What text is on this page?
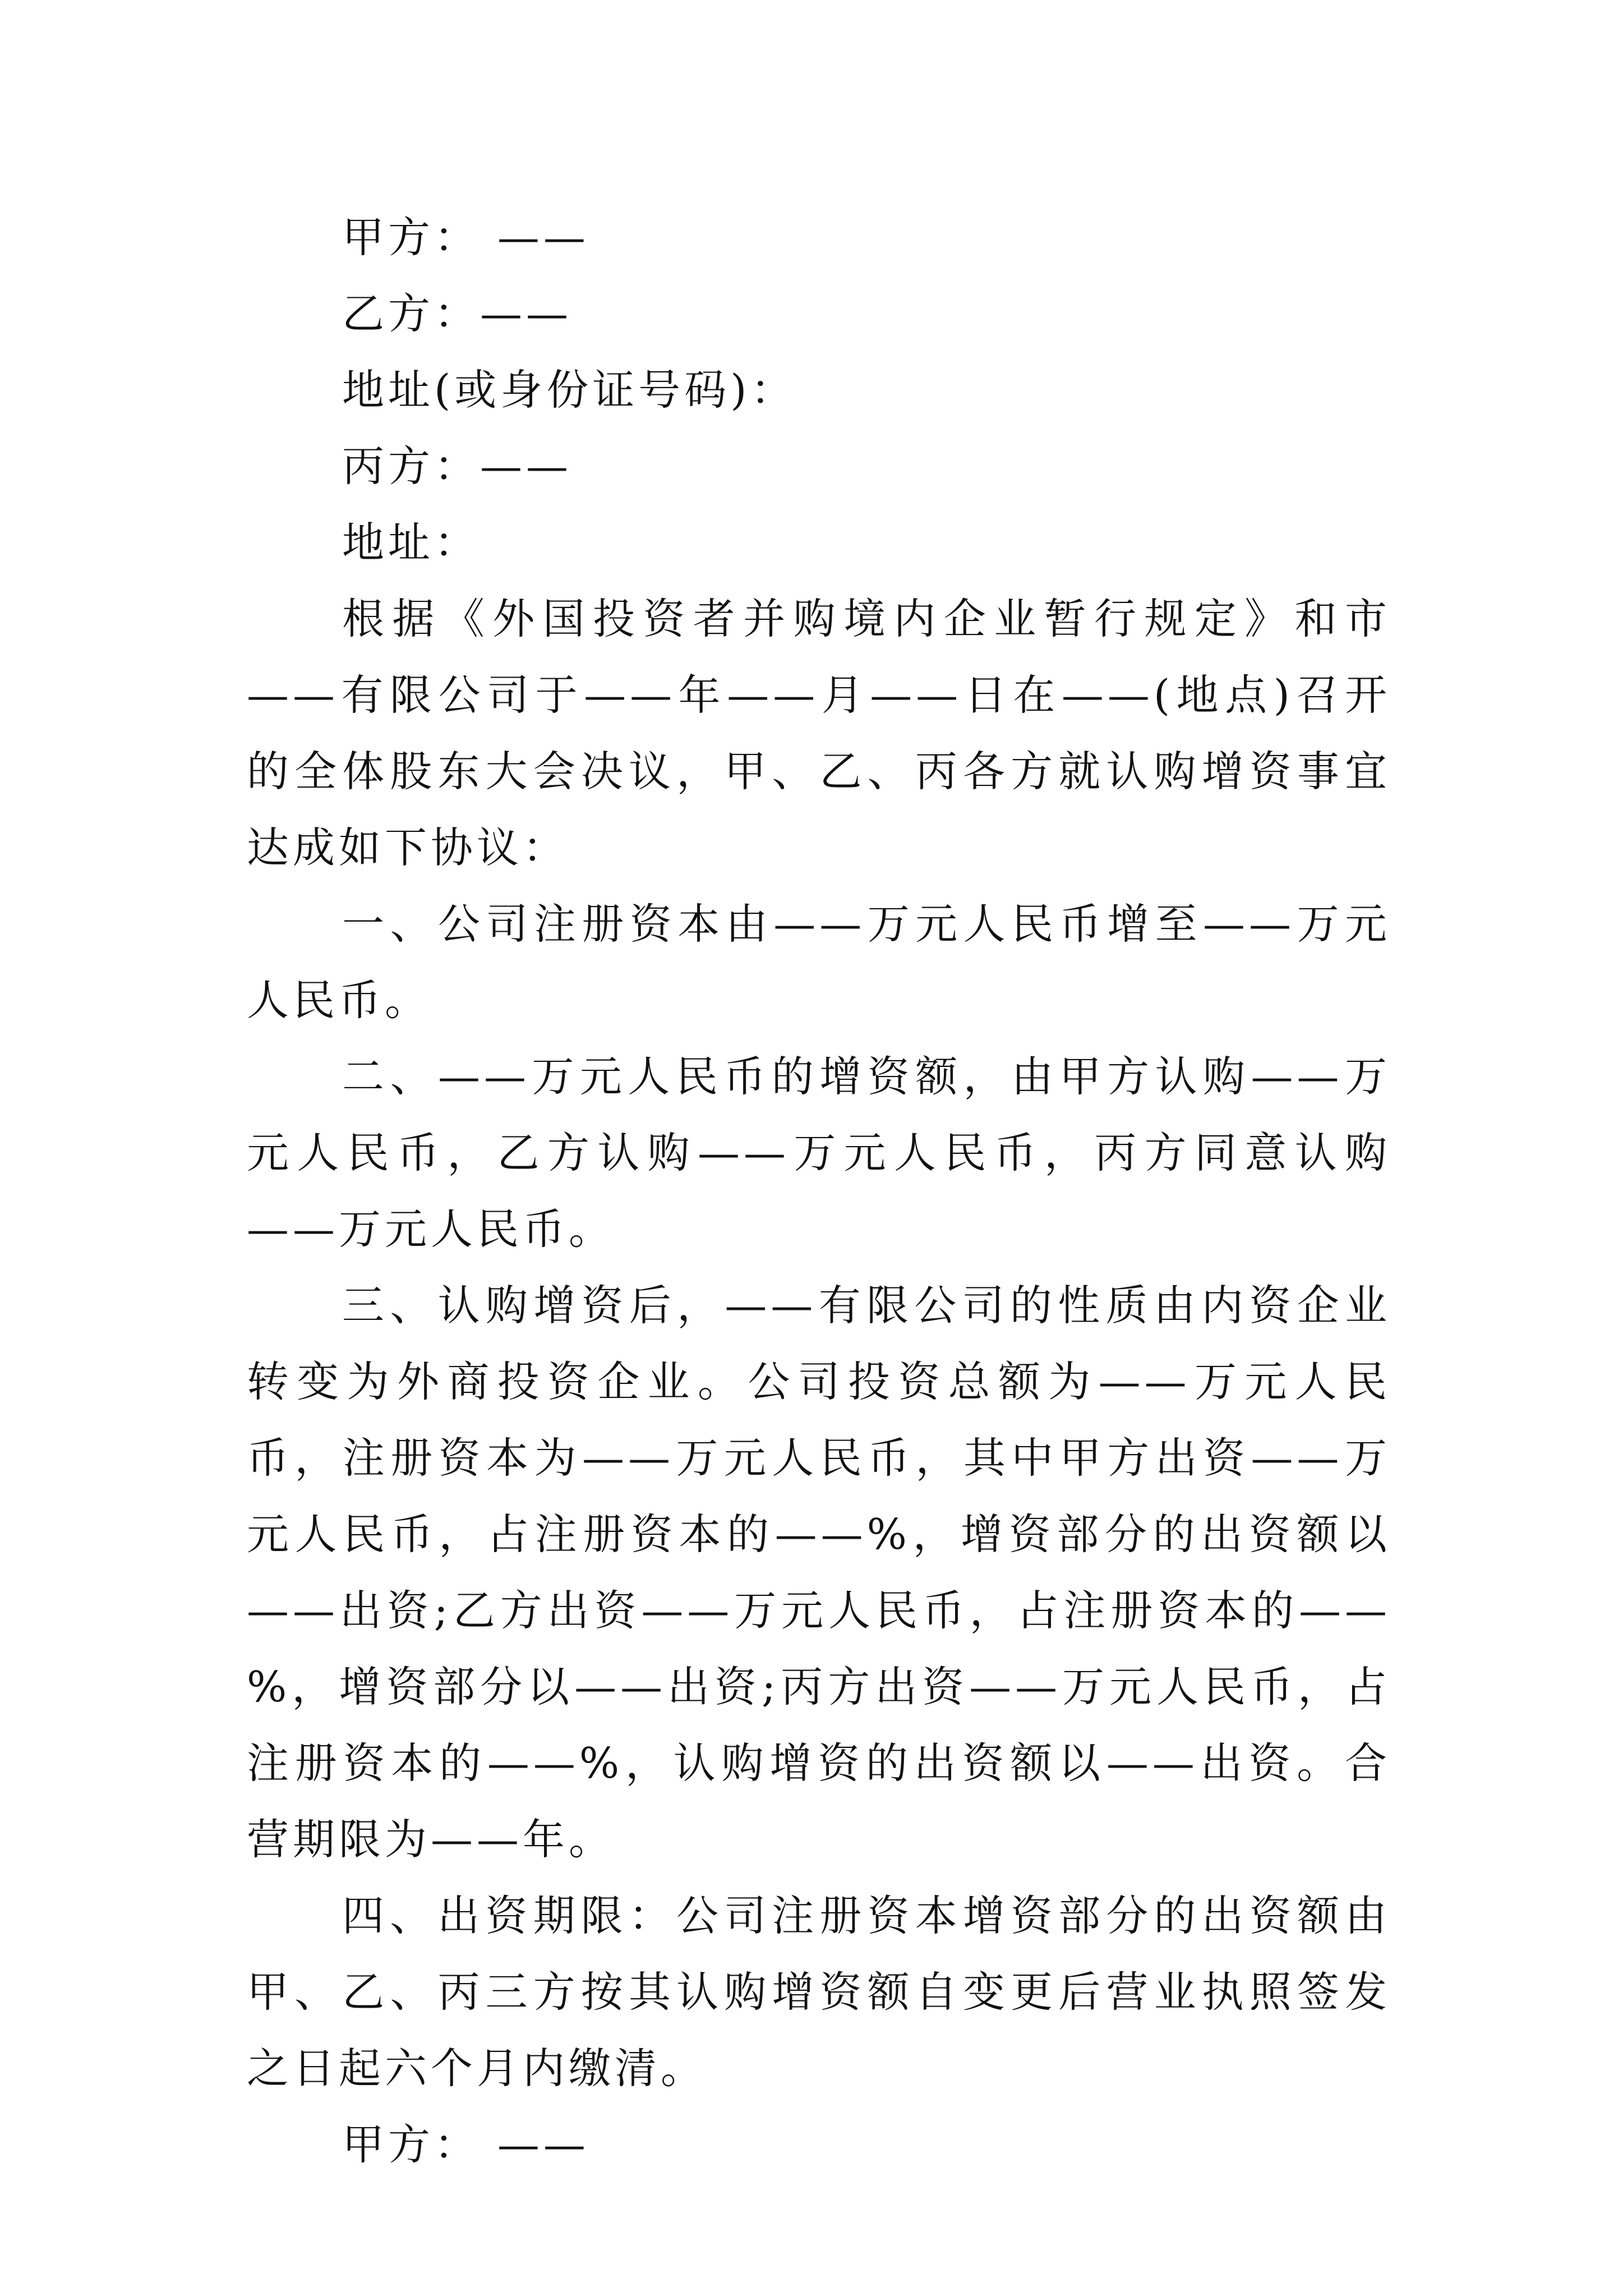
甲方： ——

乙方：——

地址(或身份证号码)：

丙方：——

地址：

根据《外国投资者并购境内企业暂行规定》和市——有限公司于——年——月——日在——(地点)召开的全体股东大会决议，甲、乙、丙各方就认购增资事宜达成如下协议：

一、公司注册资本由——万元人民币增至——万元人民币。

二、——万元人民币的增资额，由甲方认购——万元人民币，乙方认购——万元人民币，丙方同意认购——万元人民币。

三、认购增资后，——有限公司的性质由内资企业转变为外商投资企业。公司投资总额为——万元人民币，注册资本为——万元人民币，其中甲方出资——万元人民币，占注册资本的——%，增资部分的出资额以——出资;乙方出资——万元人民币，占注册资本的——%，增资部分以——出资;丙方出资——万元人民币，占注册资本的——%，认购增资的出资额以——出资。合营期限为——年。

四、出资期限：公司注册资本增资部分的出资额由甲、乙、丙三方按其认购增资额自变更后营业执照签发之日起六个月内缴清。

甲方： ——
